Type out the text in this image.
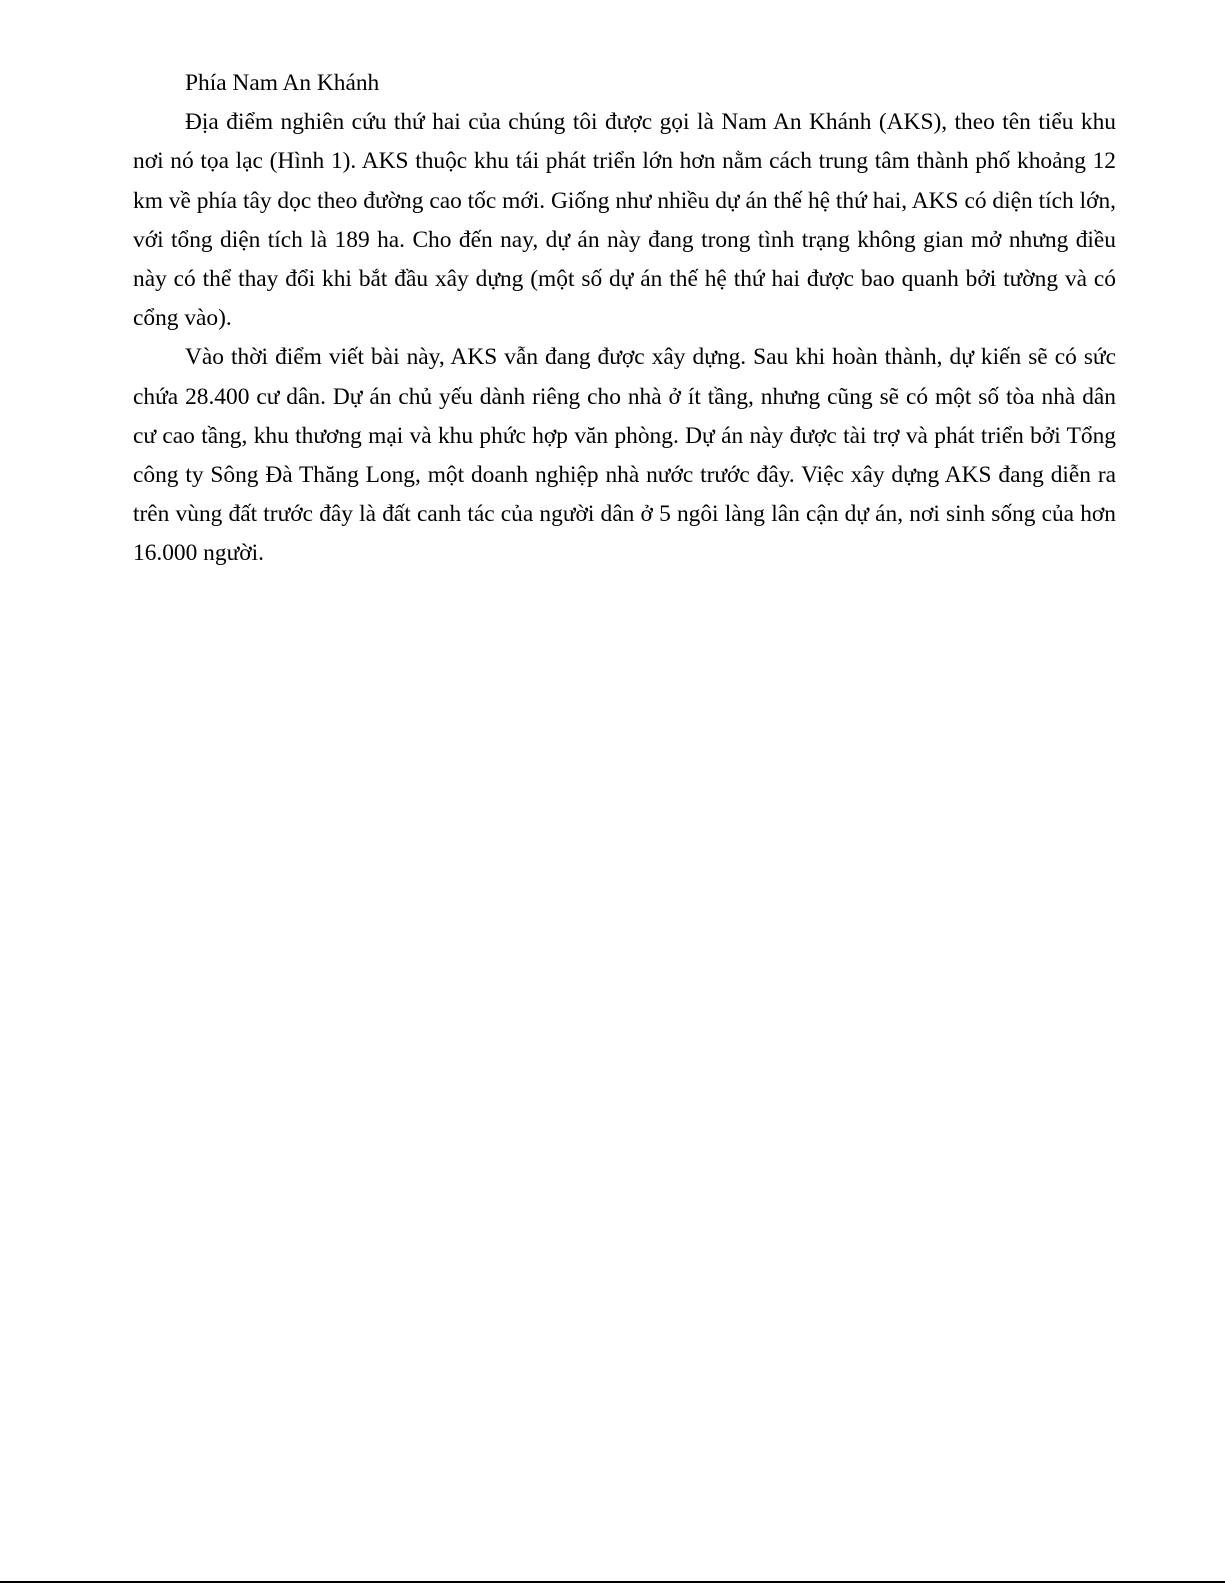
Phía Nam An Khánh

Địa điểm nghiên cứu thứ hai của chúng tôi được gọi là Nam An Khánh (AKS), theo tên tiểu khu nơi nó tọa lạc (Hình 1). AKS thuộc khu tái phát triển lớn hơn nằm cách trung tâm thành phố khoảng 12 km về phía tây dọc theo đường cao tốc mới. Giống như nhiều dự án thế hệ thứ hai, AKS có diện tích lớn, với tổng diện tích là 189 ha. Cho đến nay, dự án này đang trong tình trạng không gian mở nhưng điều này có thể thay đổi khi bắt đầu xây dựng (một số dự án thế hệ thứ hai được bao quanh bởi tường và có cổng vào).

Vào thời điểm viết bài này, AKS vẫn đang được xây dựng. Sau khi hoàn thành, dự kiến sẽ có sức chứa 28.400 cư dân. Dự án chủ yếu dành riêng cho nhà ở ít tầng, nhưng cũng sẽ có một số tòa nhà dân cư cao tầng, khu thương mại và khu phức hợp văn phòng. Dự án này được tài trợ và phát triển bởi Tổng công ty Sông Đà Thăng Long, một doanh nghiệp nhà nước trước đây. Việc xây dựng AKS đang diễn ra trên vùng đất trước đây là đất canh tác của người dân ở 5 ngôi làng lân cận dự án, nơi sinh sống của hơn 16.000 người.
